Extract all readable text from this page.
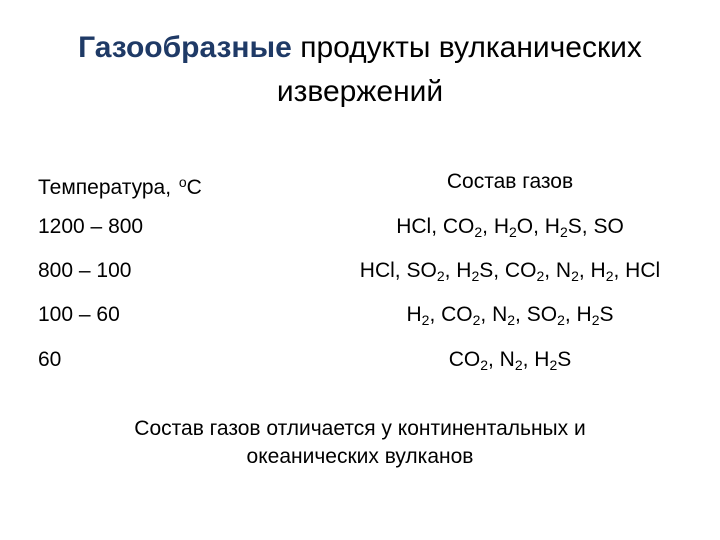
Газообразные продукты вулканических
извержений
Температура, $^o$C	Состав газов
1200 – 800	HCl, $CO_2$, $H_2O$, $H_2S$, SO
800 – 100	HCl, $SO_2$, $H_2S$, $CO_2$, $N_2$, $H_2$, HCl
100 – 60	$H_2$, $CO_2$, $N_2$, $SO_2$, $H_2S$
60	$CO_2$, $N_2$, $H_2S$
Состав газов отличается у континентальных и
океанических вулканов
